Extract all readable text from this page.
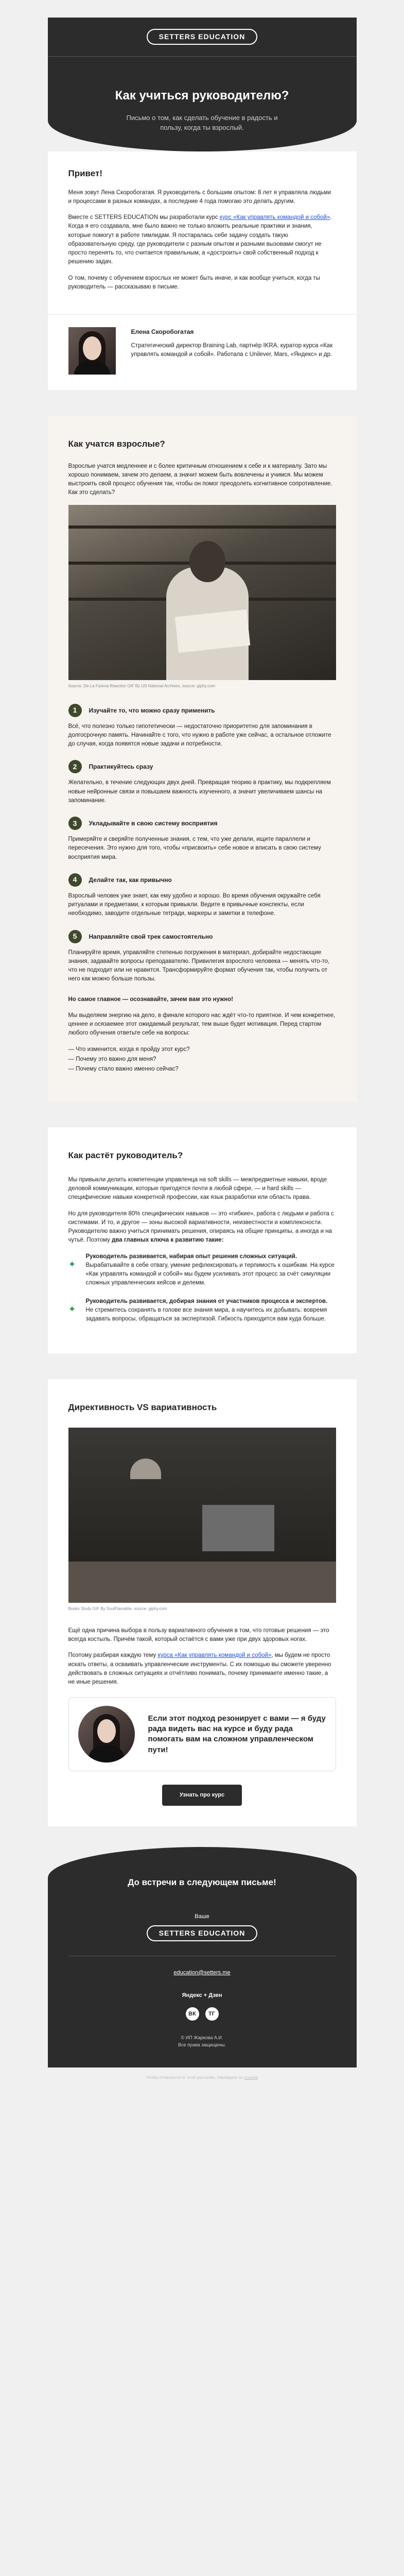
SETTERS EDUCATION
Как учиться руководителю?

Письмо о том, как сделать обучение в радость и пользу, когда ты взрослый.

Привет!

Меня зовут Лена Скоробогатая. Я руководитель с большим опытом: 8 лет я управляла людьми и процессами в разных командах, а последние 4 года помогаю это делать другим.

Вместе с SETTERS EDUCATION мы разработали курс курс «Как управлять командой и собой». Когда я его создавала, мне было важно не только вложить реальные практики и знания, которые помогут в работе тимлидам. Я постаралась себе задачу создать такую образовательную среду, где руководители с разным опытом и разными вызовами смогут не просто перенять то, что считается правильным, а «достроить» свой собственный подход к решению задач.

О том, почему с обучением взрослых не может быть иначе, и как вообще учиться, когда ты руководитель — рассказываю в письме.

Елена Скоробогатая
Стратегический директор Braining Lab, партнёр IKRA, куратор курса «Как управлять командой и собой». Работала с Unilever, Mars, «Яндекс» и др.
Как учатся взрослые?

Взрослые учатся медленнее и с более критичным отношением к себе и к материалу. Зато мы хорошо понимаем, зачем это делаем, а значит можем быть вовлечены и учимся. Мы можем выстроить свой процесс обучения так, чтобы он помог преодолеть когнитивное сопротивление. Как это сделать?

Source: De La Farena Reaction GIF By US National Archives, source: giphy.com
1	Изучайте то, что можно сразу применить

Всё, что полезно только гипотетически — недостаточно приоритетно для запоминания в долгосрочную память. Начинайте с того, что нужно в работе уже сейчас, а остальное отложите до случая, когда появятся новые задачи и потребности.

2	Практикуйтесь сразу

Желательно, в течение следующих двух дней. Превращая теорию в практику, мы подкрепляем новые нейронные связи и повышаем важность изученного, а значит увеличиваем шансы на запоминание.

3	Укладывайте в свою систему восприятия

Примеряйте и сверяйте полученные знания, с тем, что уже делали, ищите параллели и пересечения. Это нужно для того, чтобы «присвоить» себе новое и вписать в свою систему восприятия мира.

4	Делайте так, как привычно

Взрослый человек уже знает, как ему удобно и хорошо. Во время обучения окружайте себя ритуалами и предметами, к которым привыкли. Ведите в привычные конспекты, если необходимо, заводите отдельные тетради, маркеры и заметки в телефоне.

5	Направляйте свой трек самостоятельно

Планируйте время, управляйте степенью погружения в материал, добирайте недостающие знания, задавайте вопросы преподавателю. Привилегия взрослого человека — менять что-то, что не подходит или не нравится. Трансформируйте формат обучения так, чтобы получить от него как можно больше пользы.

Но самое главное — осознавайте, зачем вам это нужно!

Мы выделяем энергию на дело, в финале которого нас ждёт что-то приятное. И чем конкретнее, ценнее и осязаемее этот ожидаемый результат, тем выше будет мотивация. Перед стартом любого обучения ответьте себе на вопросы:

— Что изменится, когда я пройду этот курс?

— Почему это важно для меня?

— Почему стало важно именно сейчас?

Как растёт руководитель?

Мы привыкли делить компетенции управленца на soft skills — межпредметные навыки, вроде деловой коммуникации, которые пригодятся почти в любой сфере, — и hard skills — специфические навыки конкретной профессии, как язык разработки или область права.

Но для руководителя 80% специфических навыков — это «гибкие», работа с людьми и работа с системами. И то, и другое — зоны высокой вариативности, неизвестности и комплексности. Руководителю важно учиться принимать решения, опираясь на общие принципы, а иногда и на чутьё. Поэтому два главных ключа к развитию такие:

✦

Руководитель развивается, набирая опыт решения сложных ситуаций. Вырабатывайте в себе отвагу, умение рефлексировать и терпимость к ошибкам. На курсе «Как управлять командой и собой» мы будем усиливать этот процесс за счёт симуляции сложных управленческих кейсов и делемм.

✦

Руководитель развивается, добирая знания от участников процесса и экспертов. Не стремитесь сохранять в голове все знания мира, а научитесь их добывать: вовремя задавать вопросы, обращаться за экспертизой. Гибкость приходится вам куда больше.

Директивность VS вариативность
Books Study GIF By SoulFlamable, source: giphy.com

Ещё одна причина выбора в пользу вариативного обучения в том, что готовые решения — это всегда костыль. Причём такой, который остаётся с вами уже при двух здоровых ногах.

Поэтому разбирая каждую тему курса «Как управлять командой и собой», мы будем не просто искать ответы, а осваивать управленческие инструменты. С их помощью вы сможете уверенно действовать в сложных ситуациях и отчётливо понимать, почему принимаете именно такие, а не иные решения.

Если этот подход резонирует с вами — я буду рада видеть вас на курсе и буду рада помогать вам на сложном управленческом пути!
Узнать про курс
До встречи в следующем письме!
Ваше
SETTERS EDUCATION
education@setters.me
Яндекс + Дзен
ВК	ТГ
© ИП Жаркова А.И.
Все права защищены.
Чтобы отписаться от этой рассылки, перейдите по ссылке
